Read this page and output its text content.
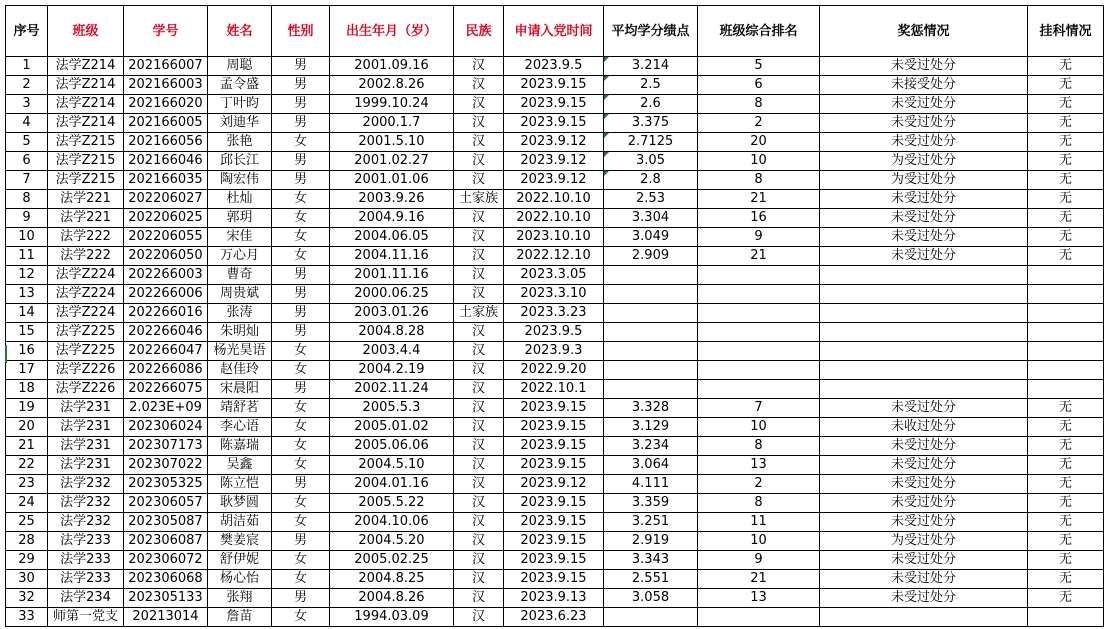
序号	班级	学号	姓名	性别	出生年月（岁）	民族	申请入党时间	平均学分绩点	班级综合排名	奖惩情况	挂科情况
1	法学Z214	202166007	周聪	男	2001.09.16	汉	2023.9.5	3.214	5	未受过处分	无
2	法学Z214	202166003	孟令盛	男	2002.8.26	汉	2023.9.15	2.5	6	未接受处分	无
3	法学Z214	202166020	丁叶昀	男	1999.10.24	汉	2023.9.15	2.6	8	未受过处分	无
4	法学Z214	202166005	刘迪华	男	2000.1.7	汉	2023.9.15	3.375	2	未受过处分	无
5	法学Z215	202166056	张艳	女	2001.5.10	汉	2023.9.12	2.7125	20	未受过处分	无
6	法学Z215	202166046	邱长江	男	2001.02.27	汉	2023.9.12	3.05	10	为受过处分	无
7	法学Z215	202166035	陶宏伟	男	2001.01.06	汉	2023.9.12	2.8	8	为受过处分	无
8	法学221	202206027	杜灿	女	2003.9.26	土家族	2022.10.10	2.53	21	未受过处分	无
9	法学221	202206025	郭玥	女	2004.9.16	汉	2022.10.10	3.304	16	未受过处分	无
10	法学222	202206055	宋佳	女	2004.06.05	汉	2023.10.10	3.049	9	未受过处分	无
11	法学222	202206050	万心月	女	2004.11.16	汉	2022.12.10	2.909	21	未受过处分	无
12	法学Z224	202266003	曹奇	男	2001.11.16	汉	2023.3.05				
13	法学Z224	202266006	周贵斌	男	2000.06.25	汉	2023.3.10				
14	法学Z224	202266016	张涛	男	2003.01.26	土家族	2023.3.23				
15	法学Z225	202266046	朱明灿	男	2004.8.28	汉	2023.9.5				
16	法学Z225	202266047	杨光昊语	女	2003.4.4	汉	2023.9.3				
17	法学Z226	202266086	赵佳玲	女	2004.2.19	汉	2022.9.20				
18	法学Z226	202266075	宋晨阳	男	2002.11.24	汉	2022.10.1				
19	法学231	2.023E+09	靖舒茗	女	2005.5.3	汉	2023.9.15	3.328	7	未受过处分	无
20	法学231	202306024	李心语	女	2005.01.02	汉	2023.9.15	3.129	10	未收过处分	无
21	法学231	202307173	陈嘉瑞	女	2005.06.06	汉	2023.9.15	3.234	8	未受过处分	无
22	法学231	202307022	吴鑫	女	2004.5.10	汉	2023.9.15	3.064	13	未受过处分	无
23	法学232	202305325	陈立恺	男	2004.01.16	汉	2023.9.12	4.111	2	未受过处分	无
24	法学232	202306057	耿梦圆	女	2005.5.22	汉	2023.9.15	3.359	8	未受过处分	无
25	法学232	202305087	胡洁茹	女	2004.10.06	汉	2023.9.15	3.251	11	未受过处分	无
28	法学233	202306087	樊姜宸	男	2004.5.20	汉	2023.9.15	2.919	10	为受过处分	无
29	法学233	202306072	舒伊妮	女	2005.02.25	汉	2023.9.15	3.343	9	未受过处分	无
30	法学233	202306068	杨心怡	女	2004.8.25	汉	2023.9.15	2.551	21	未受过处分	无
32	法学234	202305133	张翔	男	2004.8.26	汉	2023.9.13	3.058	13	未受过处分	无
33	师第一党支	20213014	詹苗	女	1994.03.09	汉	2023.6.23				
